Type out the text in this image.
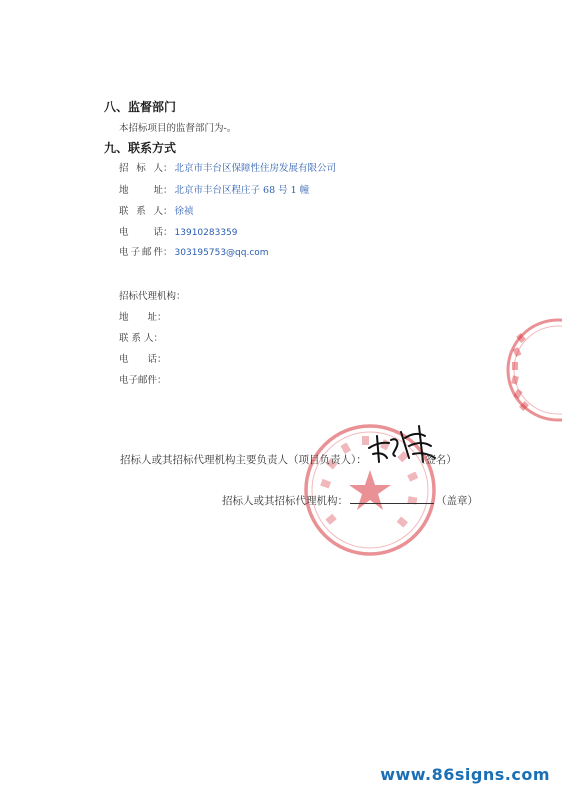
八、监督部门
本招标项目的监督部门为-。
九、联系方式
招 标 人 ： 北京市丰台区保障性住房发展有限公司
地　　址 ： 北京市丰台区程庄子 68 号 1 幢
联 系 人 ： 徐祯
电　　话 ： 13910283359
电子邮件 ： 303195753@qq.com
招标代理机构：
地　　址：
联 系 人：
电　　话：
电子邮件：
招标人或其招标代理机构主要负责人（项目负责人）：	（签名）
招标人或其招标代理机构：	（盖章）
www.86signs.com
